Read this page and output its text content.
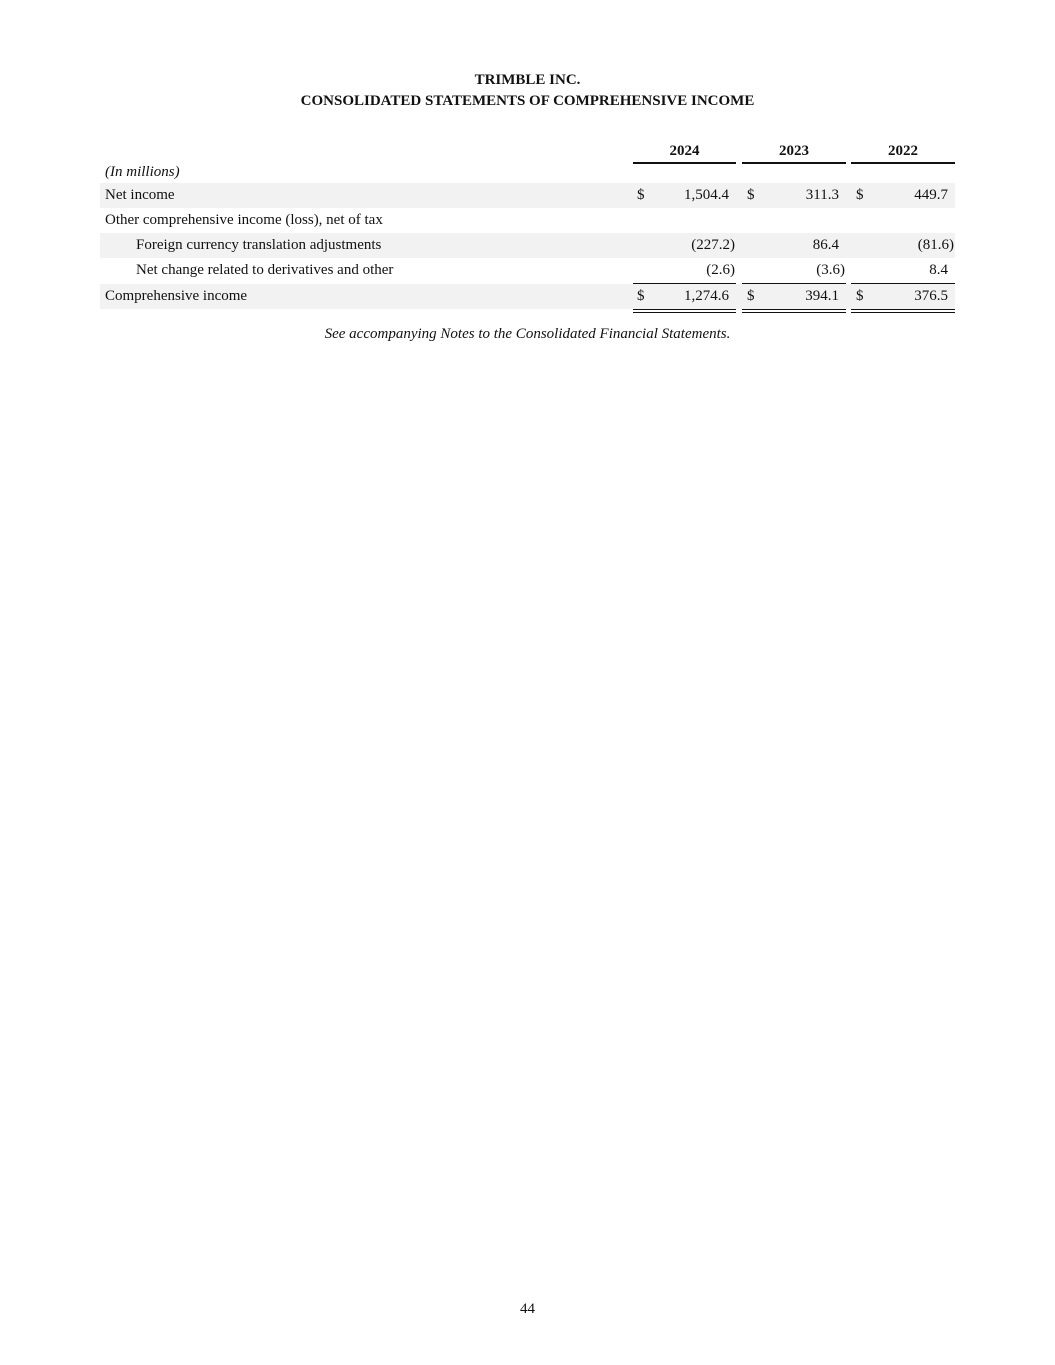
TRIMBLE INC.
CONSOLIDATED STATEMENTS OF COMPREHENSIVE INCOME
2024	2023	2022
(In millions)
Net income	$	1,504.4 $	311.3 $	449.7
Other comprehensive income (loss), net of tax
Foreign currency translation adjustments	(227.2)	86.4	(81.6)
Net change related to derivatives and other	(2.6)	(3.6)	8.4
Comprehensive income	$	1,274.6 $	394.1 $	376.5
See accompanying Notes to the Consolidated Financial Statements.
44
